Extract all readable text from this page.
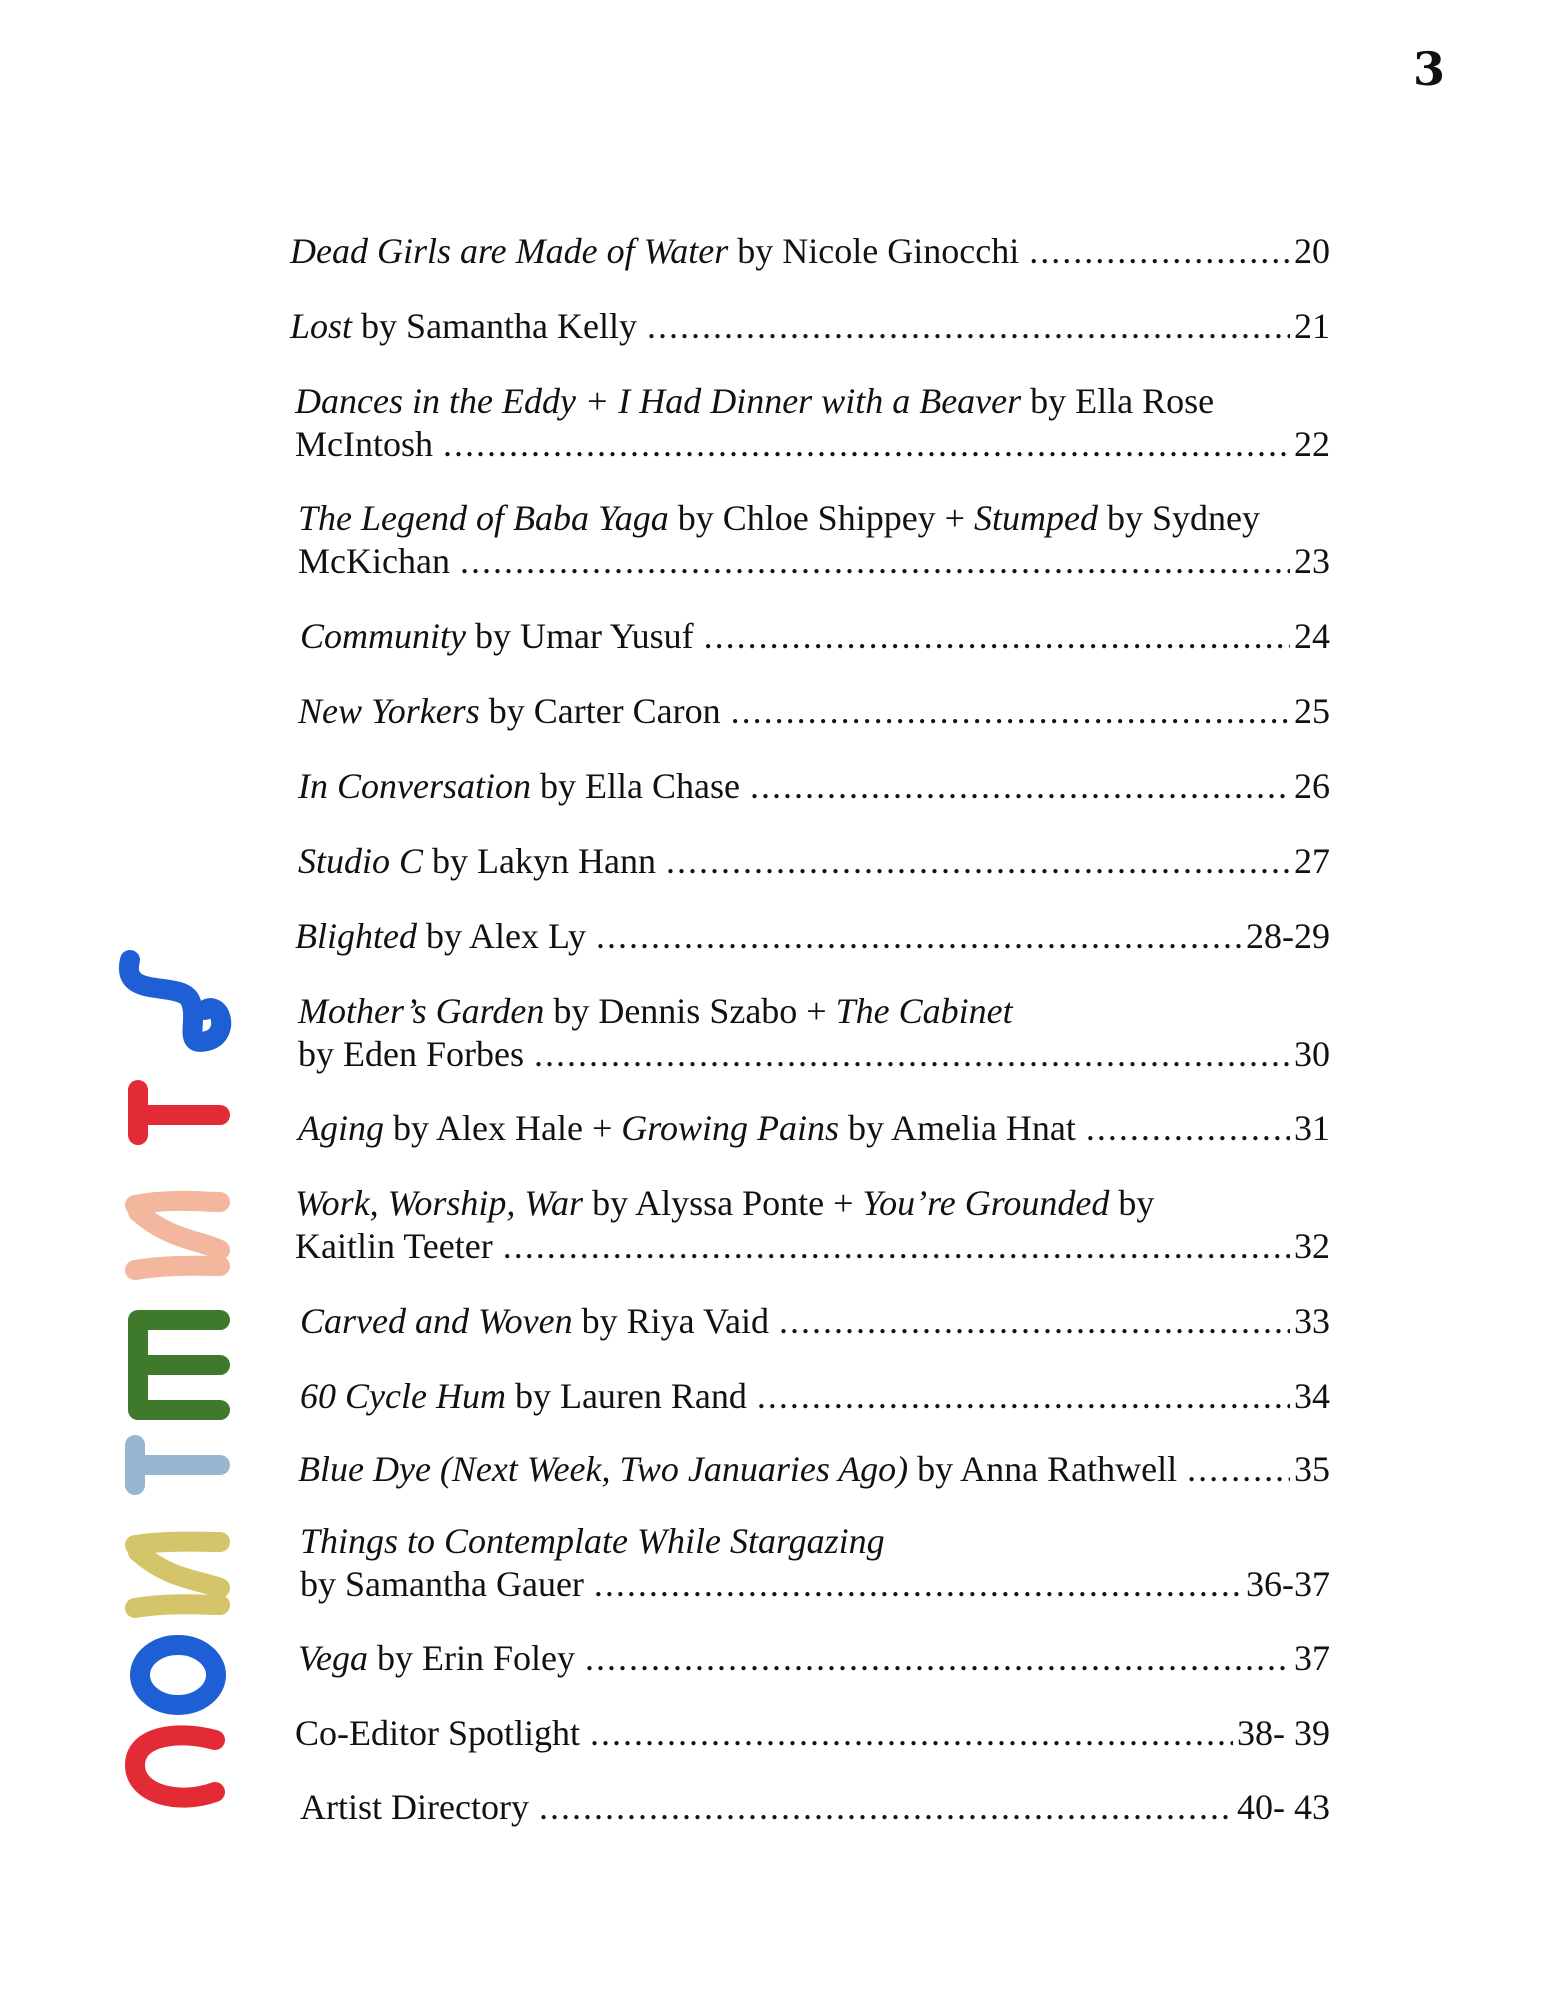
3
Dead Girls are Made of Water by Nicole Ginocchi .....	20
Lost by Samantha Kelly .....	21
Dances in the Eddy + I Had Dinner with a Beaver by Ella Rose
McIntosh .....	22
The Legend of Baba Yaga by Chloe Shippey + Stumped by Sydney
McKichan .....	23
Community by Umar Yusuf .....	24
New Yorkers by Carter Caron .....	25
In Conversation by Ella Chase .....	26
Studio C by Lakyn Hann .....	27
Blighted by Alex Ly .....	28-29
Mother’s Garden by Dennis Szabo + The Cabinet
by Eden Forbes .....	30
Aging by Alex Hale + Growing Pains by Amelia Hnat .....	31
Work, Worship, War by Alyssa Ponte + You’re Grounded by
Kaitlin Teeter .....	32
Carved and Woven by Riya Vaid .....	33
60 Cycle Hum by Lauren Rand .....	34
Blue Dye (Next Week, Two Januaries Ago) by Anna Rathwell .....	35
Things to Contemplate While Stargazing
by Samantha Gauer .....	36-37
Vega by Erin Foley .....	37
Co-Editor Spotlight .....	38- 39
Artist Directory .....	40- 43
